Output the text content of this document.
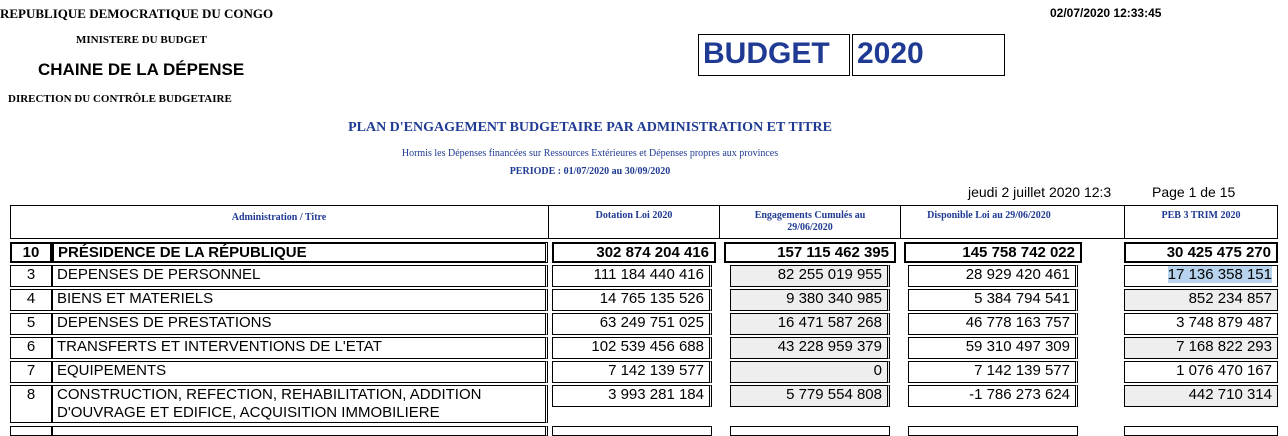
REPUBLIQUE DEMOCRATIQUE DU CONGO
MINISTERE DU BUDGET
CHAINE DE LA DÉPENSE
DIRECTION DU CONTRÔLE BUDGETAIRE
02/07/2020 12:33:45
BUDGET 2020
PLAN D'ENGAGEMENT BUDGETAIRE PAR ADMINISTRATION ET TITRE
Hormis les Dépenses financées sur Ressources Extérieures et Dépenses propres aux provinces
PERIODE : 01/07/2020 au 30/09/2020
jeudi 2 juillet 2020 12:3	Page 1 de 15
Administration / Titre	Dotation Loi 2020	Engagements Cumulés au
29/06/2020
Disponible Loi au 29/06/2020	PEB 3 TRIM 2020
10	PRÉSIDENCE DE LA RÉPUBLIQUE	302 874 204 416	157 115 462 395	145 758 742 022	30 425 475 270
3	DEPENSES DE PERSONNEL	111 184 440 416	82 255 019 955	28 929 420 461	17 136 358 151
4	BIENS ET MATERIELS	14 765 135 526	9 380 340 985	5 384 794 541	852 234 857
5	DEPENSES DE PRESTATIONS	63 249 751 025	16 471 587 268	46 778 163 757	3 748 879 487
6	TRANSFERTS ET INTERVENTIONS DE L'ETAT	102 539 456 688	43 228 959 379	59 310 497 309	7 168 822 293
7	EQUIPEMENTS	7 142 139 577	0	7 142 139 577	1 076 470 167
8	CONSTRUCTION, REFECTION, REHABILITATION, ADDITION
D'OUVRAGE ET EDIFICE, ACQUISITION IMMOBILIERE
3 993 281 184	5 779 554 808	-1 786 273 624	442 710 314
